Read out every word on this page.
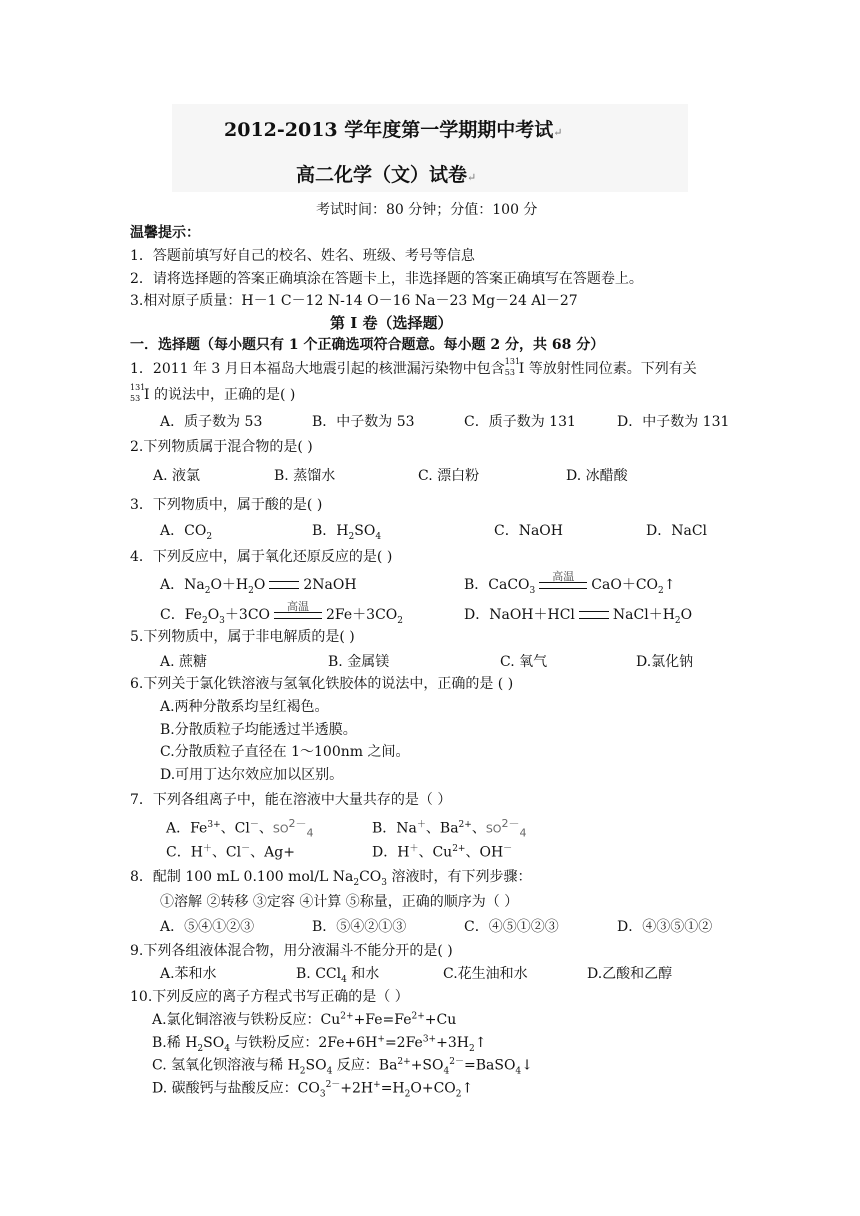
2012-2013 学年度第一学期期中考试↵
高二化学（文）试卷↵
考试时间：80 分钟；分值：100 分
温馨提示：
1．答题前填写好自己的校名、姓名、班级、考号等信息
2．请将选择题的答案正确填涂在答题卡上，非选择题的答案正确填写在答题卷上。
3.相对原子质量：H－1 C－12 N-14 O－16 Na－23 Mg－24 Al－27
第 I 卷（选择题）
一．选择题（每小题只有 1 个正确选项符合题意。每小题 2 分，共 68 分）
1．2011 年 3 月日本福岛大地震引起的核泄漏污染物中包含 131
53 I 等放射性同位素。下列有关
131
53 I 的说法中，正确的是( )
A．质子数为 53	B．中子数为 53	C．质子数为 131	D．中子数为 131
2.下列物质属于混合物的是( )
A. 液氯	B. 蒸馏水	C. 漂白粉	D. 冰醋酸
3．下列物质中，属于酸的是( )
A．$CO_2$	B．$H_2SO_4$	C．NaOH	D．NaCl
4．下列反应中，属于氧化还原反应的是( )
A．$Na_2O+H_2O$	2NaOH	B．CaCO$_3$
高温
$CaO+CO_2↑$
C．$Fe_2O_3+3CO$
高温
$2Fe+3CO_2$	D．NaOH＋HCl	$NaCl+H_2O$
5.下列物质中，属于非电解质的是( )
A. 蔗糖	B. 金属镁	C. 氧气	D.氯化钠
6.下列关于氯化铁溶液与氢氧化铁胶体的说法中，正确的是 ( )
A.两种分散系均呈红褐色。
B.分散质粒子均能透过半透膜。
C.分散质粒子直径在 1～100nm 之间。
D.可用丁达尔效应加以区别。
7．下列各组离子中，能在溶液中大量共存的是（ ）
A．$Fe^{3+}$、Cl－、$SO^{2-}_4$	B．Na＋、$Ba^{2+}$、$SO^{2-}_4$
C．H＋、Cl－、Ag+	D．H＋、$Cu^{2+}$、OH－
8．配制 100 mL 0.100 mol/L $Na_2CO_3$ 溶液时，有下列步骤：
①溶解 ②转移 ③定容 ④计算 ⑤称量，正确的顺序为（ ）
A．⑤④①②③	B．⑤④②①③	C．④⑤①②③	D．④③⑤①②
9.下列各组液体混合物，用分液漏斗不能分开的是( )
A.苯和水	B. CCl$_4$ 和水	C.花生油和水	D.乙酸和乙醇
10.下列反应的离子方程式书写正确的是（ ）
A.氯化铜溶液与铁粉反应：$Cu^{2+}+Fe=Fe^{2+}+Cu$
B.稀 $H_2SO_4$ 与铁粉反应：$2Fe+6H^+=2Fe^{3+}+3H_2↑$
C. 氢氧化钡溶液与稀 $H_2SO_4$ 反应：$Ba^{2+}+SO_4^{2-}=BaSO_4↓$
D. 碳酸钙与盐酸反应：$CO_3^{2-}+2H^+=H_2O+CO_2↑$
